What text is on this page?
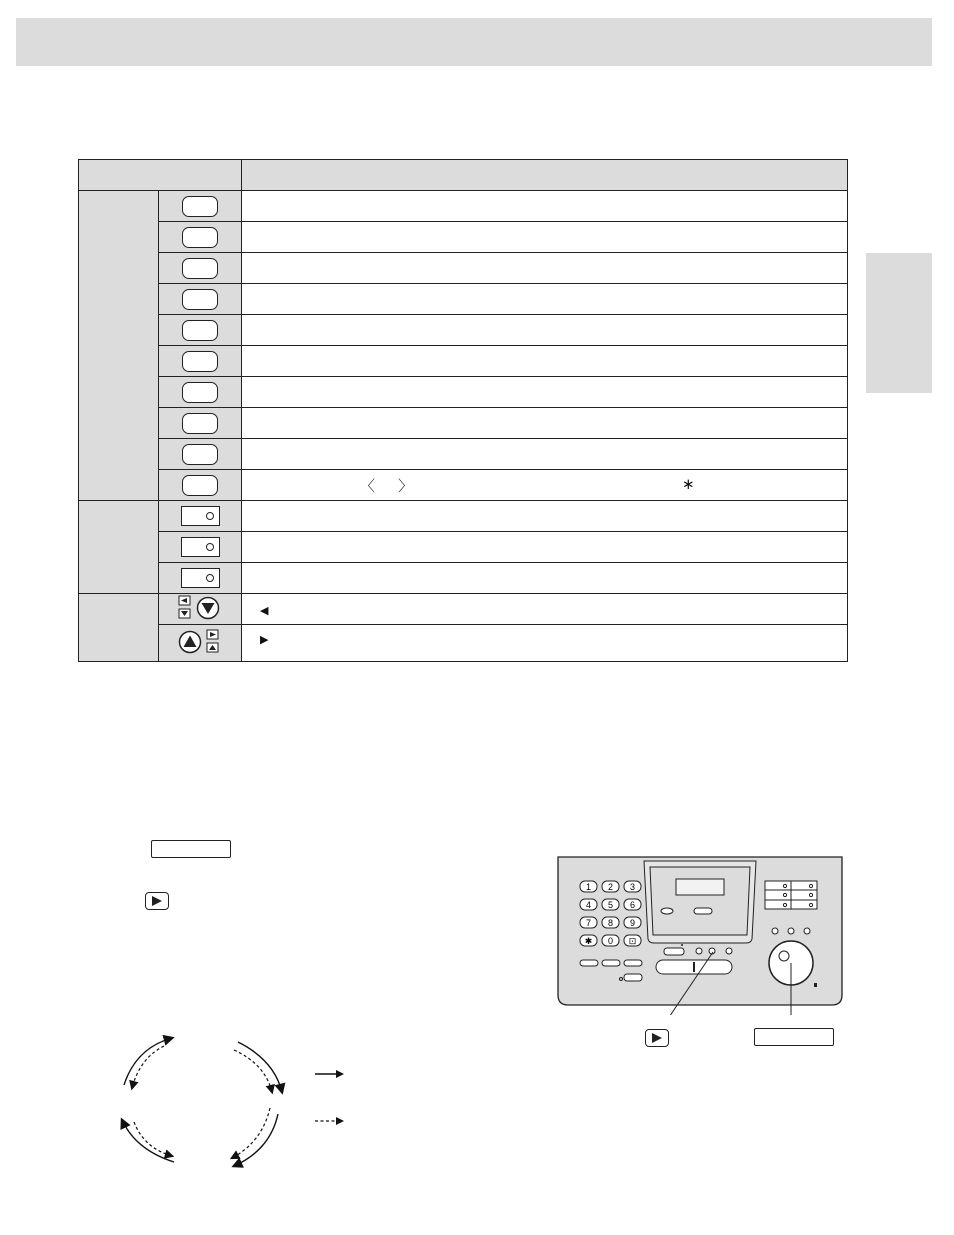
		〈 〉 ∗

		◀
	▶
1 2 3
4 5 6
7 8 9
✱ 0 ⊡
